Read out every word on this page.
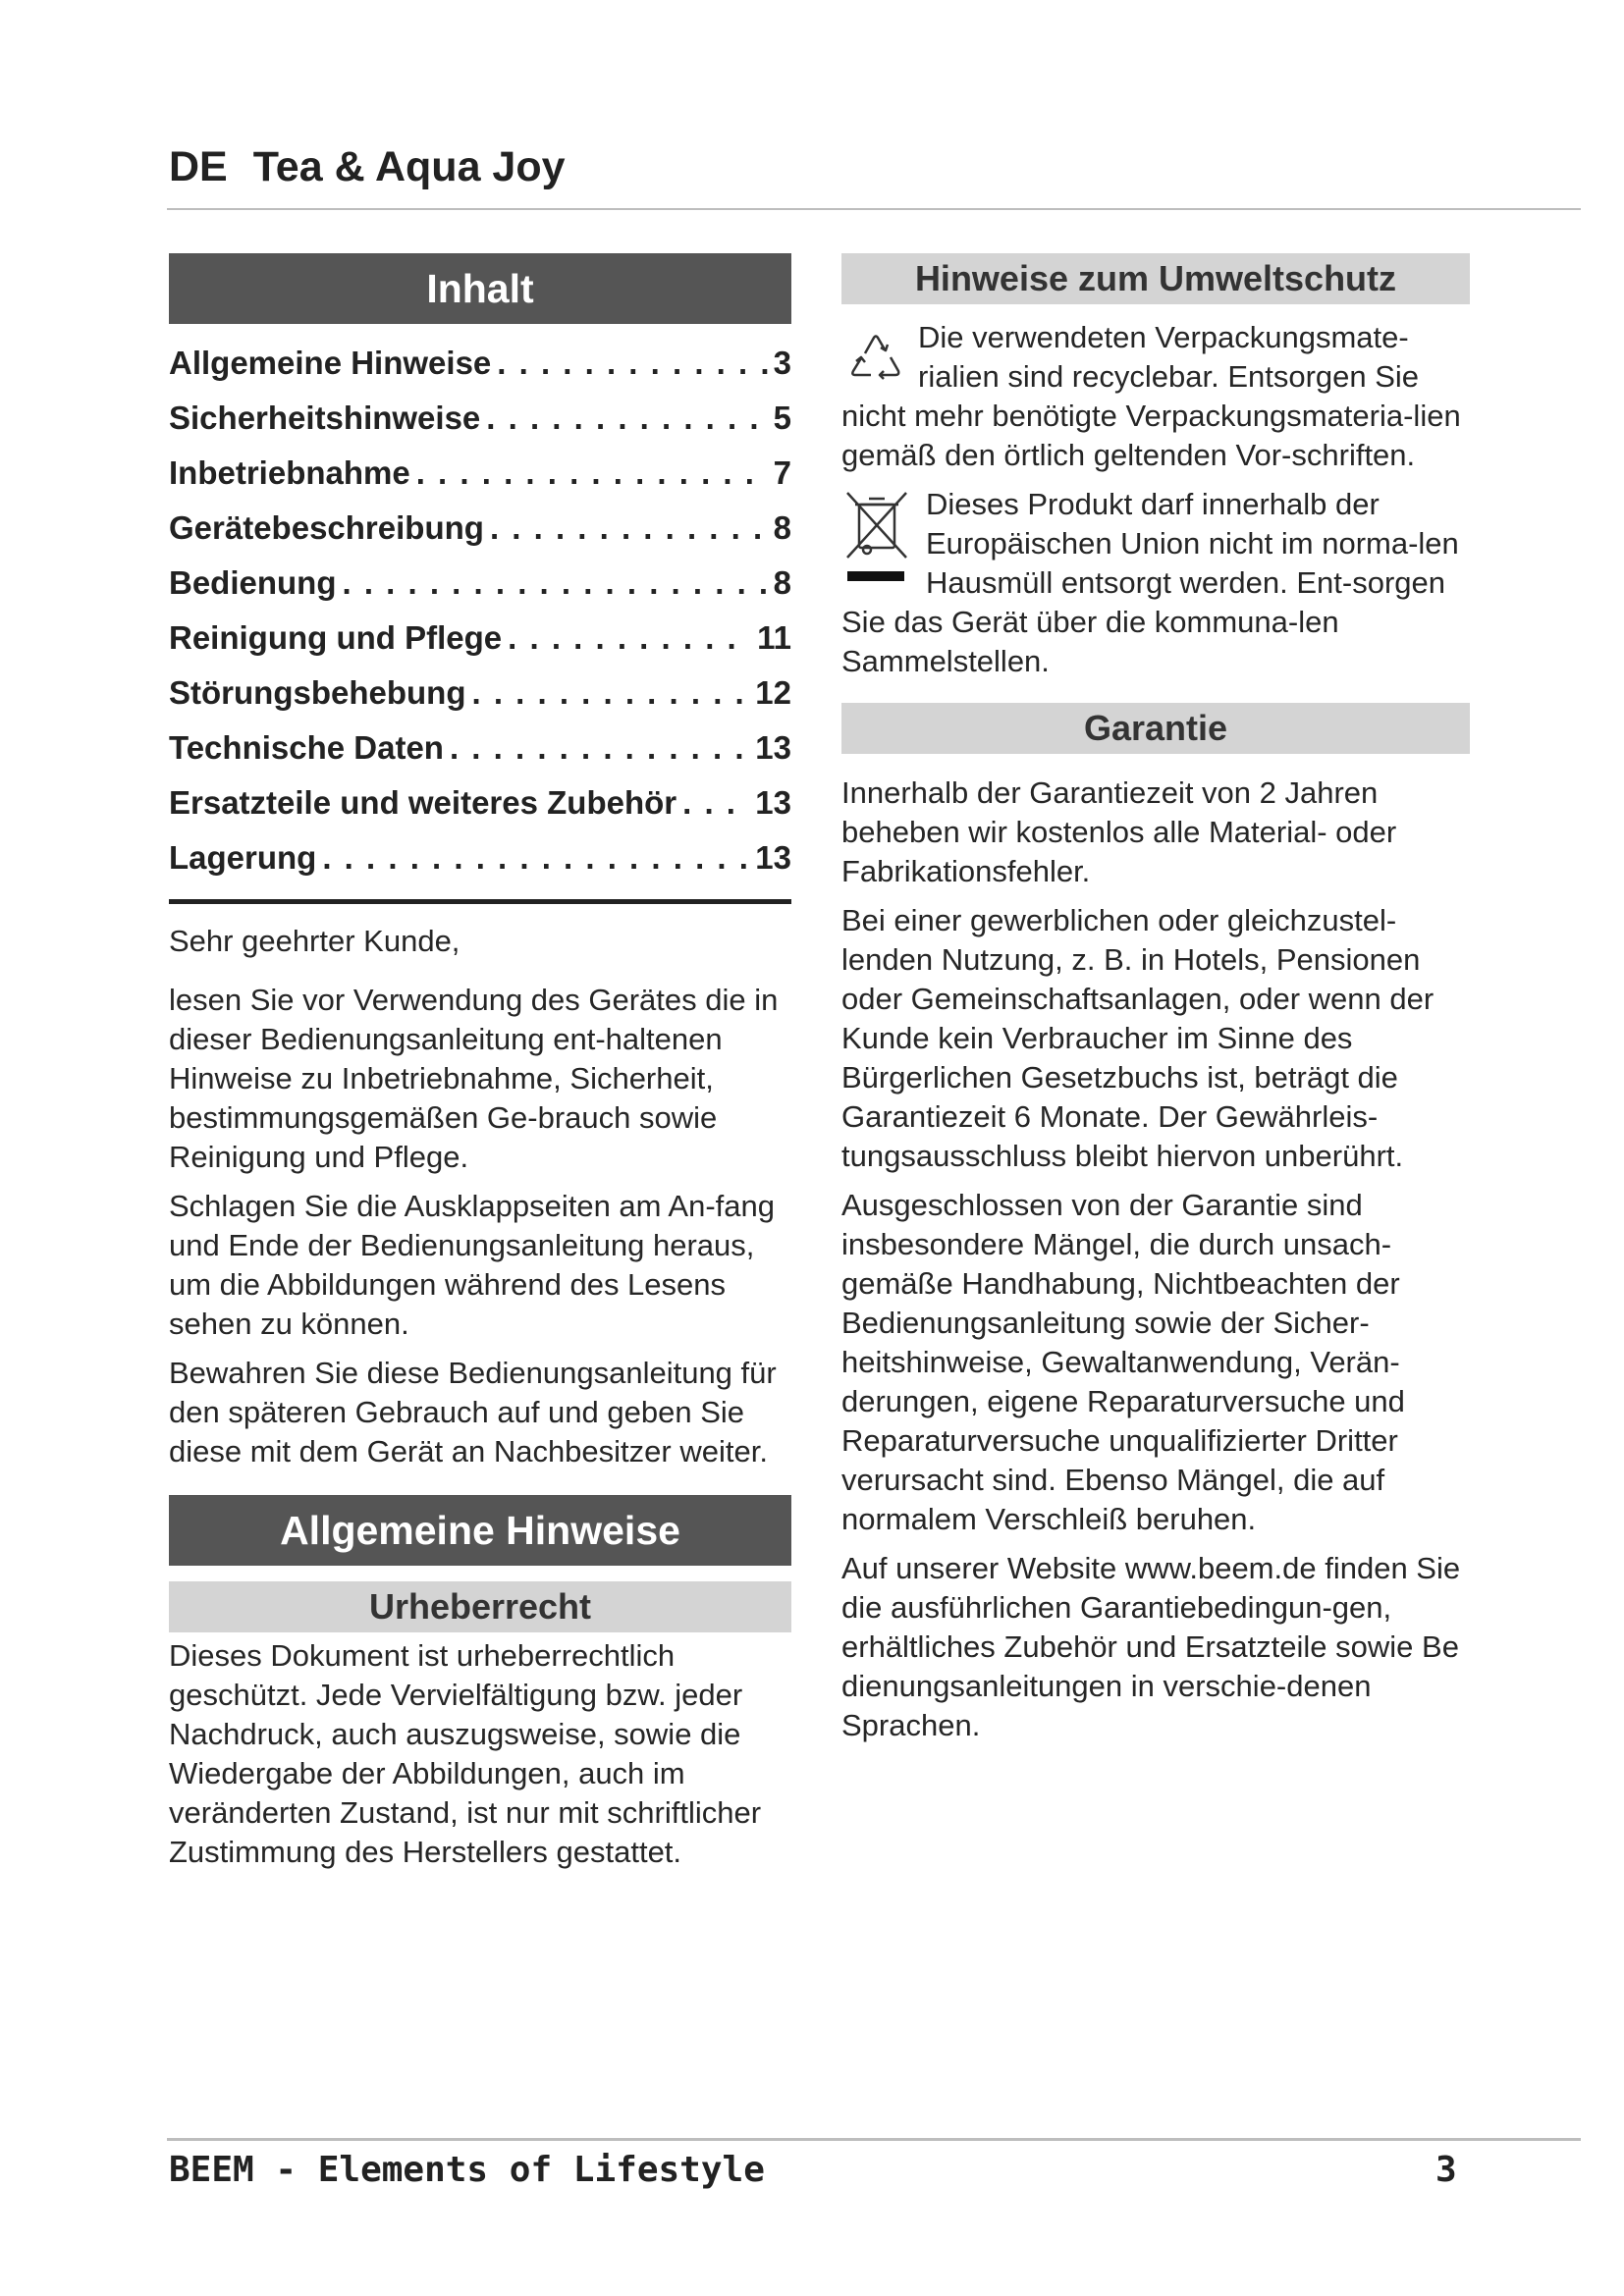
DE Tea & Aqua Joy
Inhalt
Allgemeine Hinweise . . .	3
Sicherheitshinweise . . .	5
Inbetriebnahme . . .	7
Gerätebeschreibung . . .	8
Bedienung . . .	8
Reinigung und Pflege . . .	11
Störungsbehebung . . .	12
Technische Daten . . .	13
Ersatzteile und weiteres Zubehör . . . 13
Lagerung . . .	13

Sehr geehrter Kunde,

lesen Sie vor Verwendung des Gerätes die in dieser Bedienungsanleitung ent-haltenen Hinweise zu Inbetriebnahme, Sicherheit, bestimmungsgemäßen Ge-brauch sowie Reinigung und Pflege.

Schlagen Sie die Ausklappseiten am An-fang und Ende der Bedienungsanleitung heraus, um die Abbildungen während des Lesens sehen zu können.

Bewahren Sie diese Bedienungsanleitung für den späteren Gebrauch auf und geben Sie diese mit dem Gerät an Nachbesitzer weiter.

Allgemeine Hinweise
Urheberrecht

Dieses Dokument ist urheberrechtlich geschützt. Jede Vervielfältigung bzw. jeder Nachdruck, auch auszugsweise, sowie die Wiedergabe der Abbildungen, auch im veränderten Zustand, ist nur mit schriftlicher Zustimmung des Herstellers gestattet.

Hinweise zum Umweltschutz

Die verwendeten Verpackungsmate-rialien sind recyclebar. Entsorgen Sie nicht mehr benötigte Verpackungsmateria-lien gemäß den örtlich geltenden Vor-schriften.

Dieses Produkt darf innerhalb der Europäischen Union nicht im norma-len Hausmüll entsorgt werden. Ent-sorgen Sie das Gerät über die kommuna-len Sammelstellen.

Garantie

Innerhalb der Garantiezeit von 2 Jahren beheben wir kostenlos alle Material- oder Fabrikationsfehler.

Bei einer gewerblichen oder gleichzustel-lenden Nutzung, z. B. in Hotels, Pensionen oder Gemeinschaftsanlagen, oder wenn der Kunde kein Verbraucher im Sinne des Bürgerlichen Gesetzbuchs ist, beträgt die Garantiezeit 6 Monate. Der Gewährleis-tungsausschluss bleibt hiervon unberührt.

Ausgeschlossen von der Garantie sind insbesondere Mängel, die durch unsach-gemäße Handhabung, Nichtbeachten der Bedienungsanleitung sowie der Sicher-heitshinweise, Gewaltanwendung, Verän-derungen, eigene Reparaturversuche und Reparaturversuche unqualifizierter Dritter verursacht sind. Ebenso Mängel, die auf normalem Verschleiß beruhen.

Auf unserer Website www.beem.de finden Sie die ausführlichen Garantiebedingun-gen, erhältliches Zubehör und Ersatzteile sowie Be dienungsanleitungen in verschie-denen Sprachen.

BEEM - Elements of Lifestyle	3
